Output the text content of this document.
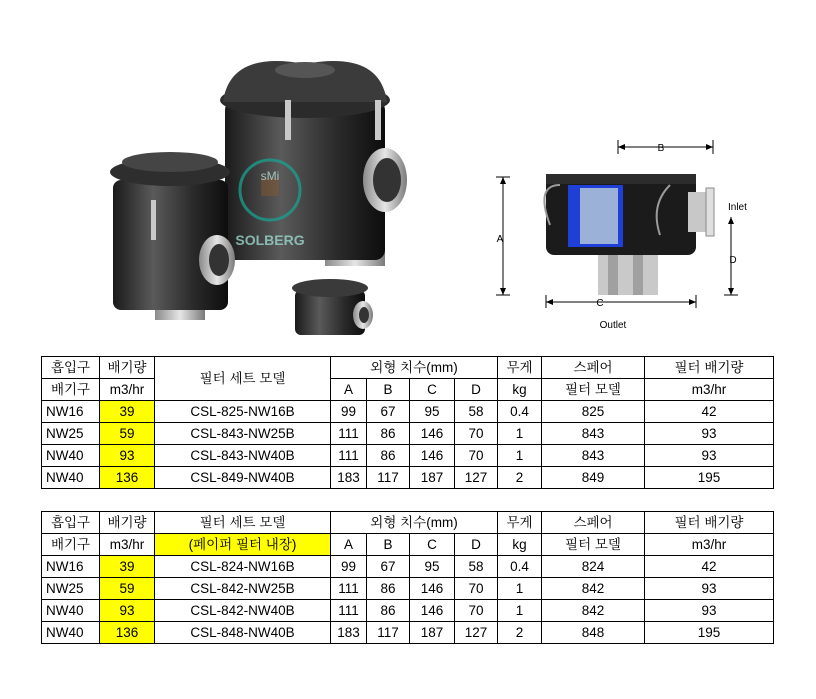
sMi
SOLBERG
B
A
Inlet
D
C
Outlet
흡입구	배기량	필터 세트 모델	외형 치수(mm)				무게	스페어	필터 배기량
배기구	m3/hr		A	B	C	D	kg	필터 모델	m3/hr
NW16	39	CSL-825-NW16B	99	67	95	58	0.4	825	42
NW25	59	CSL-843-NW25B	111	86	146	70	1	843	93
NW40	93	CSL-843-NW40B	111	86	146	70	1	843	93
NW40	136	CSL-849-NW40B	183	117	187	127	2	849	195
흡입구	배기량	필터 세트 모델	외형 치수(mm)				무게	스페어	필터 배기량
배기구	m3/hr	(페이퍼 필터 내장)	A	B	C	D	kg	필터 모델	m3/hr
NW16	39	CSL-824-NW16B	99	67	95	58	0.4	824	42
NW25	59	CSL-842-NW25B	111	86	146	70	1	842	93
NW40	93	CSL-842-NW40B	111	86	146	70	1	842	93
NW40	136	CSL-848-NW40B	183	117	187	127	2	848	195
